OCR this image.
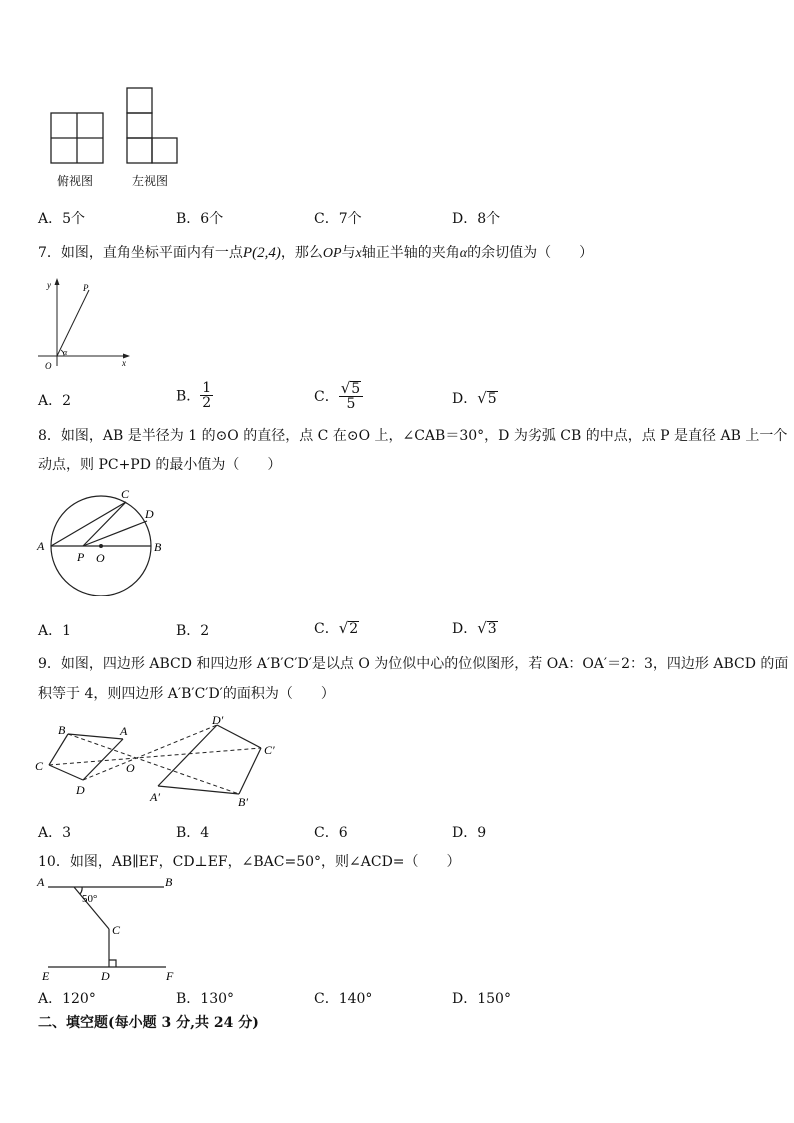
俯视图	左视图
A．5个	B．6个	C．7个	D．8个
7．如图，直角坐标平面内有一点P(2,4)，那么OP与x轴正半轴的夹角α的余切值为（　　）
y	P
O	x
α
A．2	B． $\frac{1}{2}$	C． $\frac{√5}{5}$	D．√5
8．如图，AB 是半径为 1 的⊙O 的直径，点 C 在⊙O 上，∠CAB＝30°，D 为劣弧 CB 的中点，点 P 是直径 AB 上一个
动点，则 PC+PD 的最小值为（　　）
A	B
C
D
P O
A．1	B．2	C．√2	D．√3
9．如图，四边形 ABCD 和四边形 A′B′C′D′是以点 O 为位似中心的位似图形，若 OA：OA′＝2：3，四边形 ABCD 的面
积等于 4，则四边形 A′B′C′D′的面积为（　　）
B	A
C
D
O
D′
C′
A′	B′
A．3	B．4	C．6	D．9
10．如图，AB∥EF，CD⊥EF，∠BAC=50°，则∠ACD=（　　）
A	B
50°
C
E	D	F
A．120°	B．130°	C．140°	D．150°
二、填空题(每小题 3 分,共 24 分)
